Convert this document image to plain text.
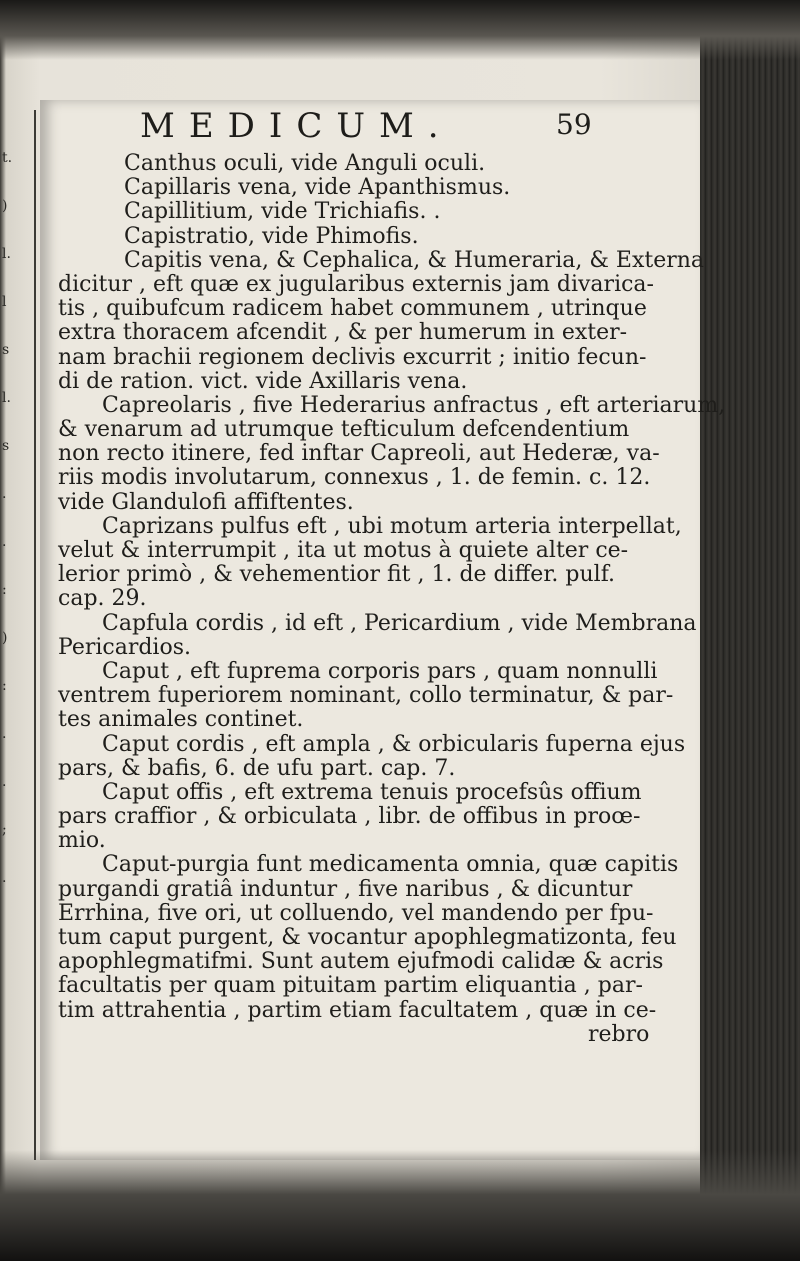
MEDICUM.	59
Canthus oculi, vide Anguli oculi.
Capillaris vena, vide Apanthismus.
Capillitium, vide Trichiafis. .
Capistratio, vide Phimofis.
Capitis vena, & Cephalica, & Humeraria, & Externa
dicitur , eft quæ ex jugularibus externis jam divarica-
tis , quibufcum radicem habet communem , utrinque
extra thoracem afcendit , & per humerum in exter-
nam brachii regionem declivis excurrit ; initio fecun-
di de ration. vict. vide Axillaris vena.
Capreolaris , five Hederarius anfractus , eft arteriarum,
& venarum ad utrumque tefticulum defcendentium
non recto itinere, fed inftar Capreoli, aut Hederæ, va-
riis modis involutarum, connexus , 1. de femin. c. 12.
vide Glandulofi affiftentes.
Caprizans pulfus eft , ubi motum arteria interpellat,
velut & interrumpit , ita ut motus à quiete alter ce-
lerior primò , & vehementior fit , 1. de differ. pulf.
cap. 29.
Capfula cordis , id eft , Pericardium , vide Membrana
Pericardios.
Caput , eft fuprema corporis pars , quam nonnulli
ventrem fuperiorem nominant, collo terminatur, & par-
tes animales continet.
Caput cordis , eft ampla , & orbicularis fuperna ejus
pars, & bafis, 6. de ufu part. cap. 7.
Caput offis , eft extrema tenuis procefsûs offium
pars craffior , & orbiculata , libr. de offibus in proœ-
mio.
Caput-purgia funt medicamenta omnia, quæ capitis
purgandi gratiâ induntur , five naribus , & dicuntur
Errhina, five ori, ut colluendo, vel mandendo per fpu-
tum caput purgent, & vocantur apophlegmatizonta, feu
apophlegmatifmi. Sunt autem ejufmodi calidæ & acris
facultatis per quam pituitam partim eliquantia , par-
tim attrahentia , partim etiam facultatem , quæ in ce-
rebro
t.
)
l.
l
s
l.
s
.
.
:
)
:
.
.
;
.
